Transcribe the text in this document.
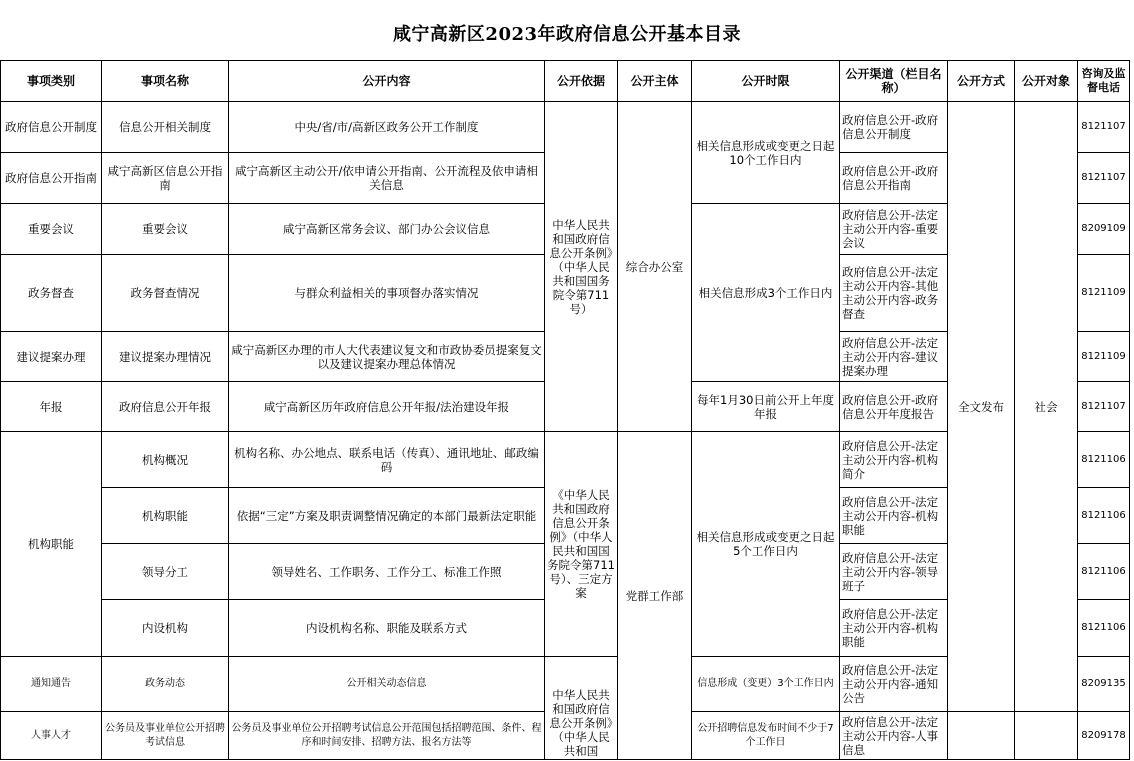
咸宁高新区2023年政府信息公开基本目录
事项类别	事项名称	公开内容	公开依据	公开主体	公开时限	公开渠道（栏目名称）	公开方式	公开对象	咨询及监督电话
政府信息公开制度	信息公开相关制度	中央/省/市/高新区政务公开工作制度	中华人民共和国政府信息公开条例》（中华人民共和国国务院令第711号）	综合办公室	相关信息形成或变更之日起10个工作日内	政府信息公开-政府信息公开制度	全文发布	社会	8121107
政府信息公开指南	咸宁高新区信息公开指南	咸宁高新区主动公开/依申请公开指南、公开流程及依申请相关信息				政府信息公开-政府信息公开指南			8121107
重要会议	重要会议	咸宁高新区常务会议、部门办公会议信息			相关信息形成3个工作日内	政府信息公开-法定主动公开内容-重要会议			8209109
政务督查	政务督查情况	与群众利益相关的事项督办落实情况				政府信息公开-法定主动公开内容-其他主动公开内容-政务督查			8121109
建议提案办理	建议提案办理情况	咸宁高新区办理的市人大代表建议复文和市政协委员提案复文以及建议提案办理总体情况				政府信息公开-法定主动公开内容-建议提案办理			8121109
年报	政府信息公开年报	咸宁高新区历年政府信息公开年报/法治建设年报			每年1月30日前公开上年度年报	政府信息公开-政府信息公开年度报告			8121107
机构职能	机构概况	机构名称、办公地点、联系电话（传真）、通讯地址、邮政编码	《中华人民共和国政府信息公开条例》（中华人民共和国国务院令第711号）、三定方案	党群工作部	相关信息形成或变更之日起5个工作日内	政府信息公开-法定主动公开内容-机构简介			8121106
	机构职能	依据“三定”方案及职责调整情况确定的本部门最新法定职能				政府信息公开-法定主动公开内容-机构职能			8121106
	领导分工	领导姓名、工作职务、工作分工、标准工作照				政府信息公开-法定主动公开内容-领导班子			8121106
	内设机构	内设机构名称、职能及联系方式				政府信息公开-法定主动公开内容-机构职能			8121106
通知通告	政务动态	公开相关动态信息	中华人民共和国政府信息公开条例》（中华人民共和国		信息形成（变更）3个工作日内	政府信息公开-法定主动公开内容-通知公告			8209135
人事人才	公务员及事业单位公开招聘考试信息	公务员及事业单位公开招聘考试信息公开范围包括招聘范围、条件、程序和时间安排、招聘方法、报名方法等			公开招聘信息发布时间不少于7个工作日	政府信息公开-法定主动公开内容-人事信息			8209178
